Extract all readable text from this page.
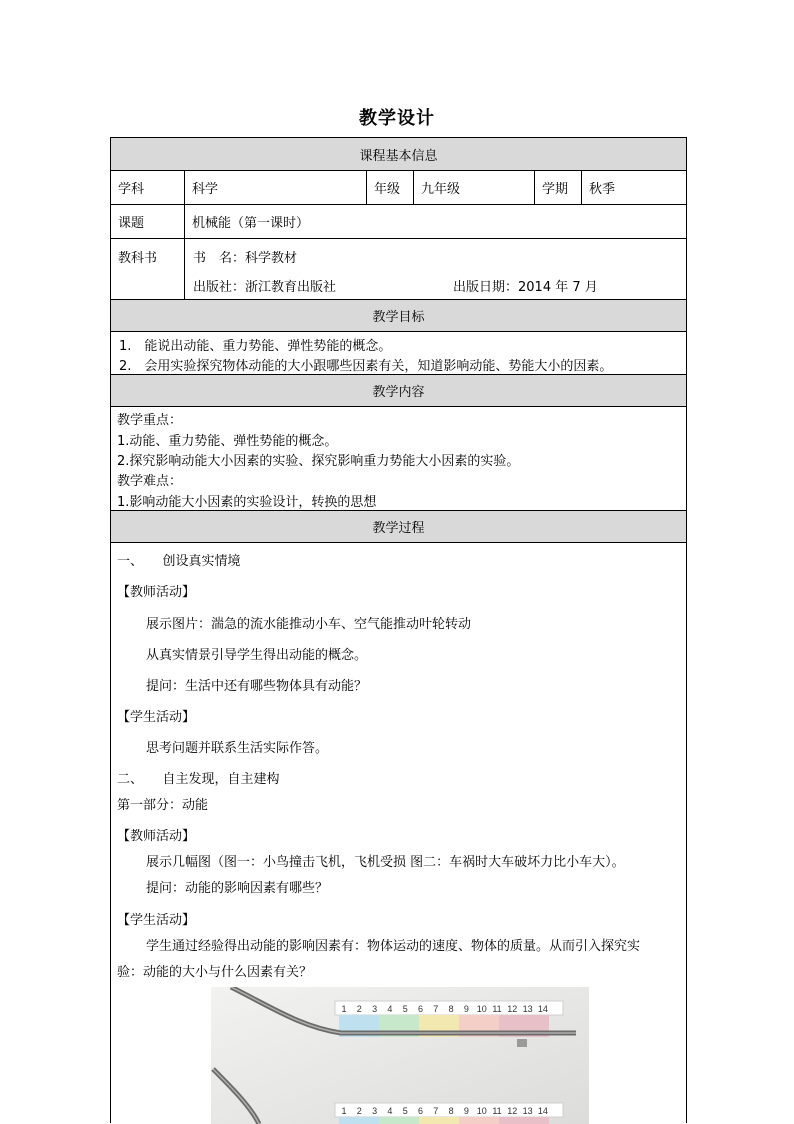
教学设计
课程基本信息
学科	科学	年级	九年级	学期	秋季
课题	机械能（第一课时）
教科书	书　名：科学教材
出版社：浙江教育出版社	出版日期：2014 年 7 月
教学目标
1.　能说出动能、重力势能、弹性势能的概念。
2.　会用实验探究物体动能的大小跟哪些因素有关，知道影响动能、势能大小的因素。
教学内容
教学重点：
1.动能、重力势能、弹性势能的概念。
2.探究影响动能大小因素的实验、探究影响重力势能大小因素的实验。
教学难点：
1.影响动能大小因素的实验设计，转换的思想
教学过程
一、　　创设真实情境
【教师活动】
展示图片：湍急的流水能推动小车、空气能推动叶轮转动
从真实情景引导学生得出动能的概念。
提问：生活中还有哪些物体具有动能？
【学生活动】
思考问题并联系生活实际作答。
二、　　自主发现，自主建构
第一部分：动能
【教师活动】
展示几幅图（图一：小鸟撞击飞机，飞机受损 图二：车祸时大车破坏力比小车大）。
提问：动能的影响因素有哪些？
【学生活动】
学生通过经验得出动能的影响因素有：物体运动的速度、物体的质量。从而引入探究实
验：动能的大小与什么因素有关？
1 2 3 4 5 6 7 8 9 10 11 12 13 14
1 2 3 4 5 6 7 8 9 10 11 12 13 14
